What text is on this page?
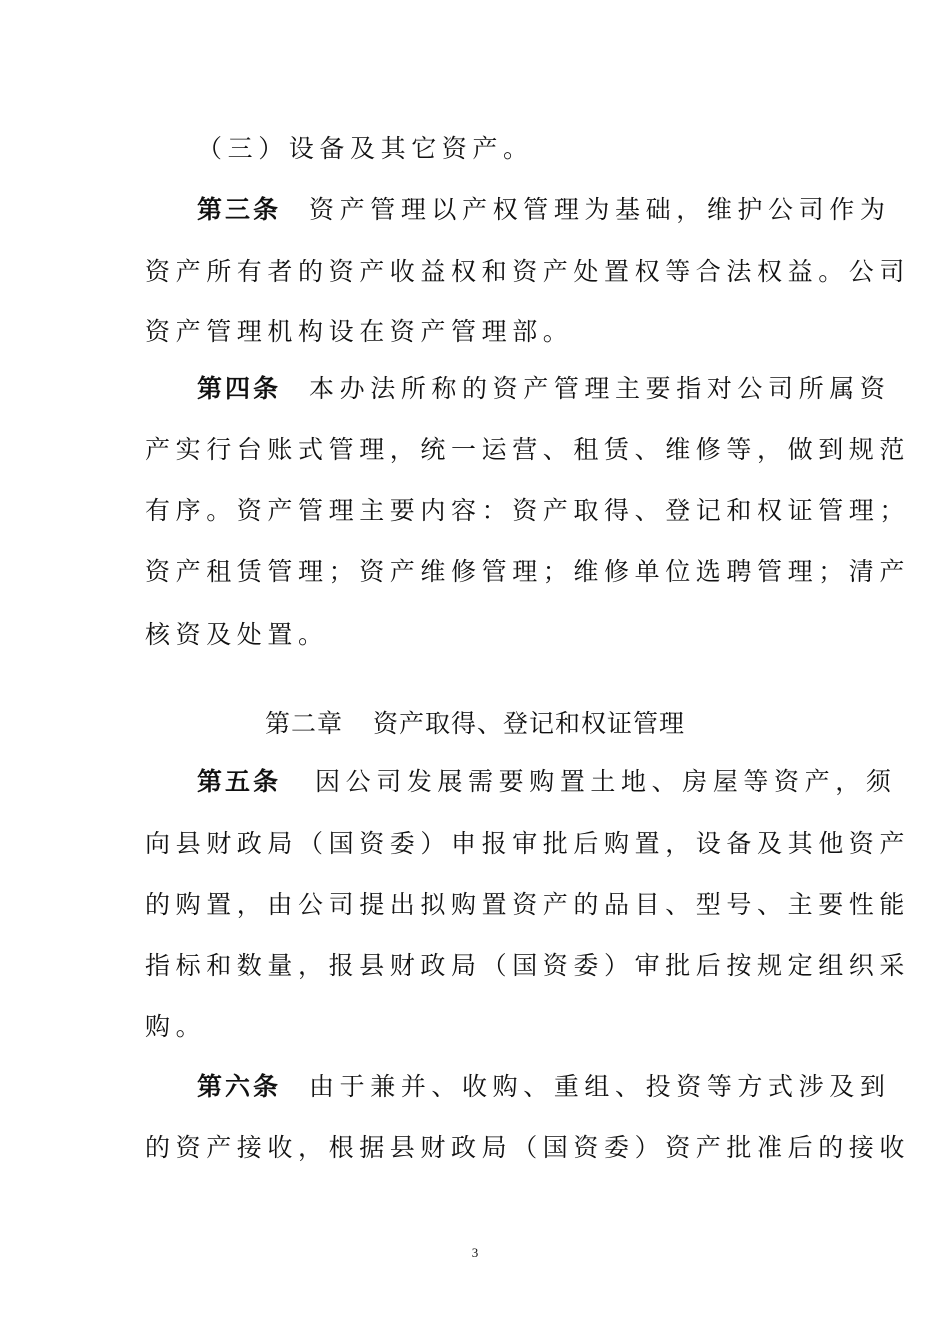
（三）设备及其它资产。
第三条 资产管理以产权管理为基础，维护公司作为
资产所有者的资产收益权和资产处置权等合法权益。公司
资产管理机构设在资产管理部。
第四条 本办法所称的资产管理主要指对公司所属资
产实行台账式管理，统一运营、租赁、维修等，做到规范
有序。资产管理主要内容：资产取得、登记和权证管理；
资产租赁管理；资产维修管理；维修单位选聘管理；清产
核资及处置。
第二章 资产取得、登记和权证管理
第五条 因公司发展需要购置土地、房屋等资产，须
向县财政局（国资委）申报审批后购置，设备及其他资产
的购置，由公司提出拟购置资产的品目、型号、主要性能
指标和数量，报县财政局（国资委）审批后按规定组织采
购。
第六条 由于兼并、收购、重组、投资等方式涉及到
的资产接收，根据县财政局（国资委）资产批准后的接收
3
